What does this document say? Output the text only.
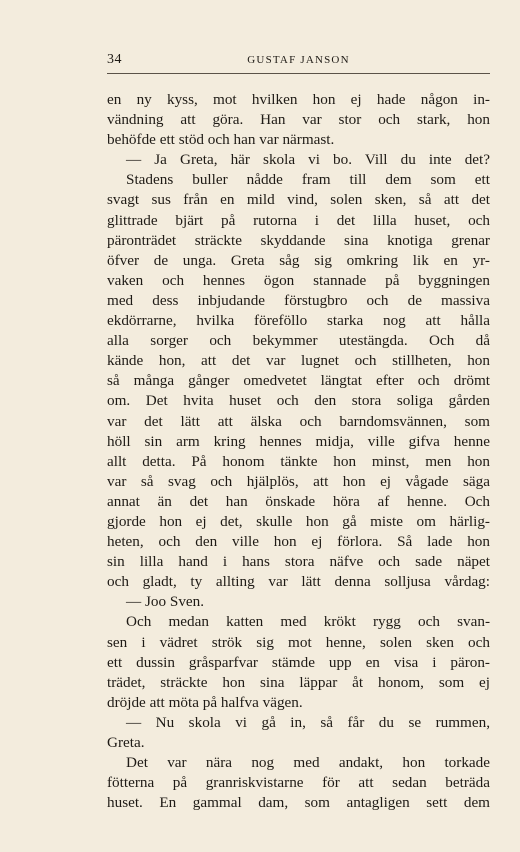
34	GUSTAF JANSON
en ny kyss, mot hvilken hon ej hade någon in-
vändning att göra. Han var stor och stark, hon
behöfde ett stöd och han var närmast.
— Ja Greta, här skola vi bo. Vill du inte det?
Stadens buller nådde fram till dem som ett
svagt sus från en mild vind, solen sken, så att det
glittrade bjärt på rutorna i det lilla huset, och
päronträdet sträckte skyddande sina knotiga grenar
öfver de unga. Greta såg sig omkring lik en yr-
vaken och hennes ögon stannade på byggningen
med dess inbjudande förstugbro och de massiva
ekdörrarne, hvilka föreföllo starka nog att hålla
alla sorger och bekymmer utestängda. Och då
kände hon, att det var lugnet och stillheten, hon
så många gånger omedvetet längtat efter och drömt
om. Det hvita huset och den stora soliga gården
var det lätt att älska och barndomsvännen, som
höll sin arm kring hennes midja, ville gifva henne
allt detta. På honom tänkte hon minst, men hon
var så svag och hjälplös, att hon ej vågade säga
annat än det han önskade höra af henne. Och
gjorde hon ej det, skulle hon gå miste om härlig-
heten, och den ville hon ej förlora. Så lade hon
sin lilla hand i hans stora näfve och sade näpet
och gladt, ty allting var lätt denna solljusa vårdag:
— Joo Sven.
Och medan katten med krökt rygg och svan-
sen i vädret strök sig mot henne, solen sken och
ett dussin gråsparfvar stämde upp en visa i päron-
trädet, sträckte hon sina läppar åt honom, som ej
dröjde att möta på halfva vägen.
— Nu skola vi gå in, så får du se rummen,
Greta.
Det var nära nog med andakt, hon torkade
fötterna på granriskvistarne för att sedan beträda
huset. En gammal dam, som antagligen sett dem
